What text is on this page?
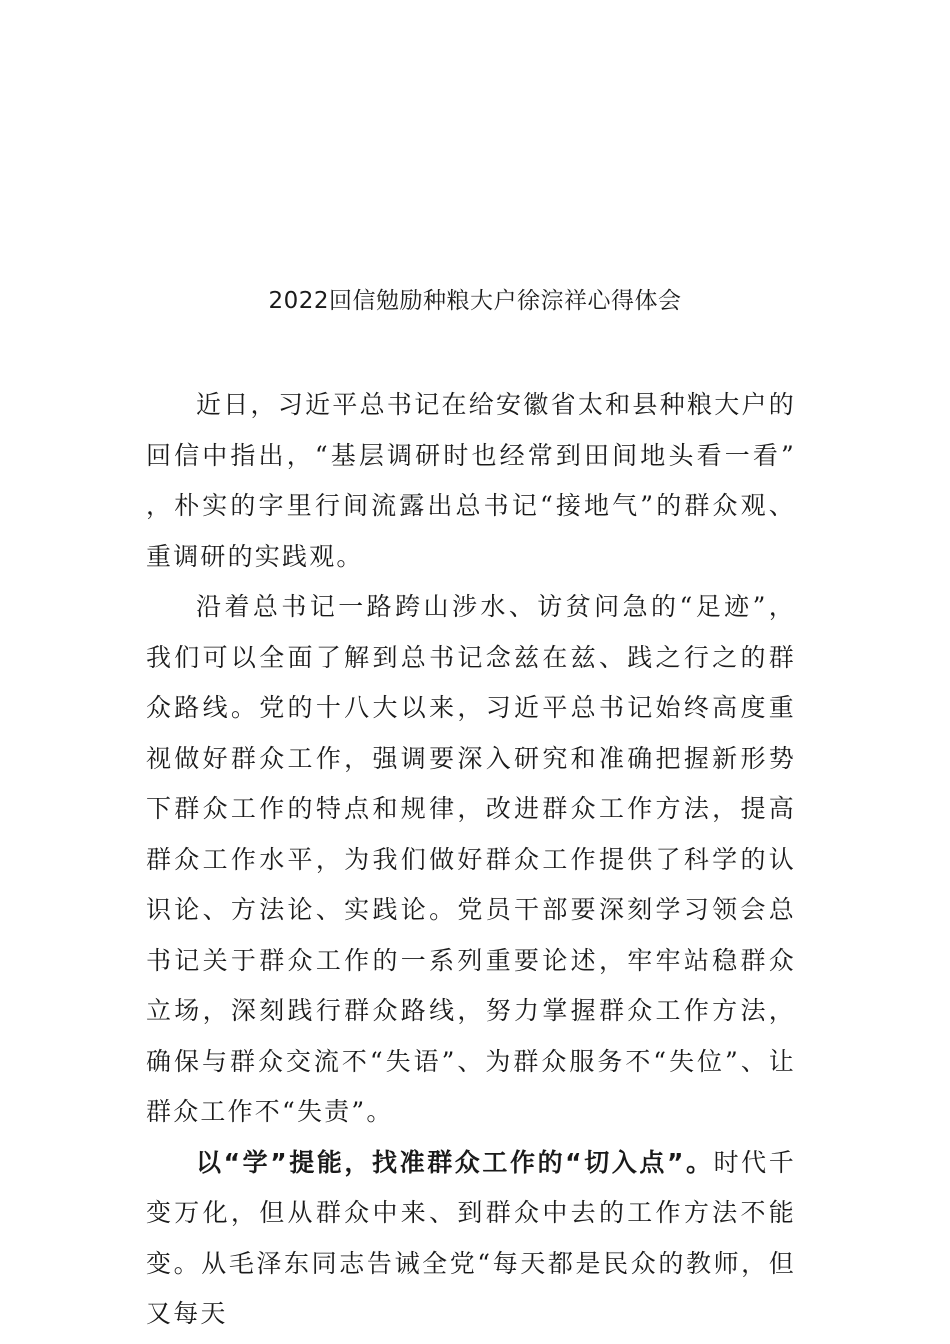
2022回信勉励种粮大户徐淙祥心得体会

近日，习近平总书记在给安徽省太和县种粮大户的回信中指出，“基层调研时也经常到田间地头看一看”，朴实的字里行间流露出总书记“接地气”的群众观、重调研的实践观。

沿着总书记一路跨山涉水、访贫问急的“足迹”，我们可以全面了解到总书记念兹在兹、践之行之的群众路线。党的十八大以来，习近平总书记始终高度重视做好群众工作，强调要深入研究和准确把握新形势下群众工作的特点和规律，改进群众工作方法，提高群众工作水平，为我们做好群众工作提供了科学的认识论、方法论、实践论。党员干部要深刻学习领会总书记关于群众工作的一系列重要论述，牢牢站稳群众立场，深刻践行群众路线，努力掌握群众工作方法，确保与群众交流不“失语”、为群众服务不“失位”、让群众工作不“失责”。

以“学”提能，找准群众工作的“切入点”。时代千变万化，但从群众中来、到群众中去的工作方法不能变。从毛泽东同志告诫全党“每天都是民众的教师，但又每天
